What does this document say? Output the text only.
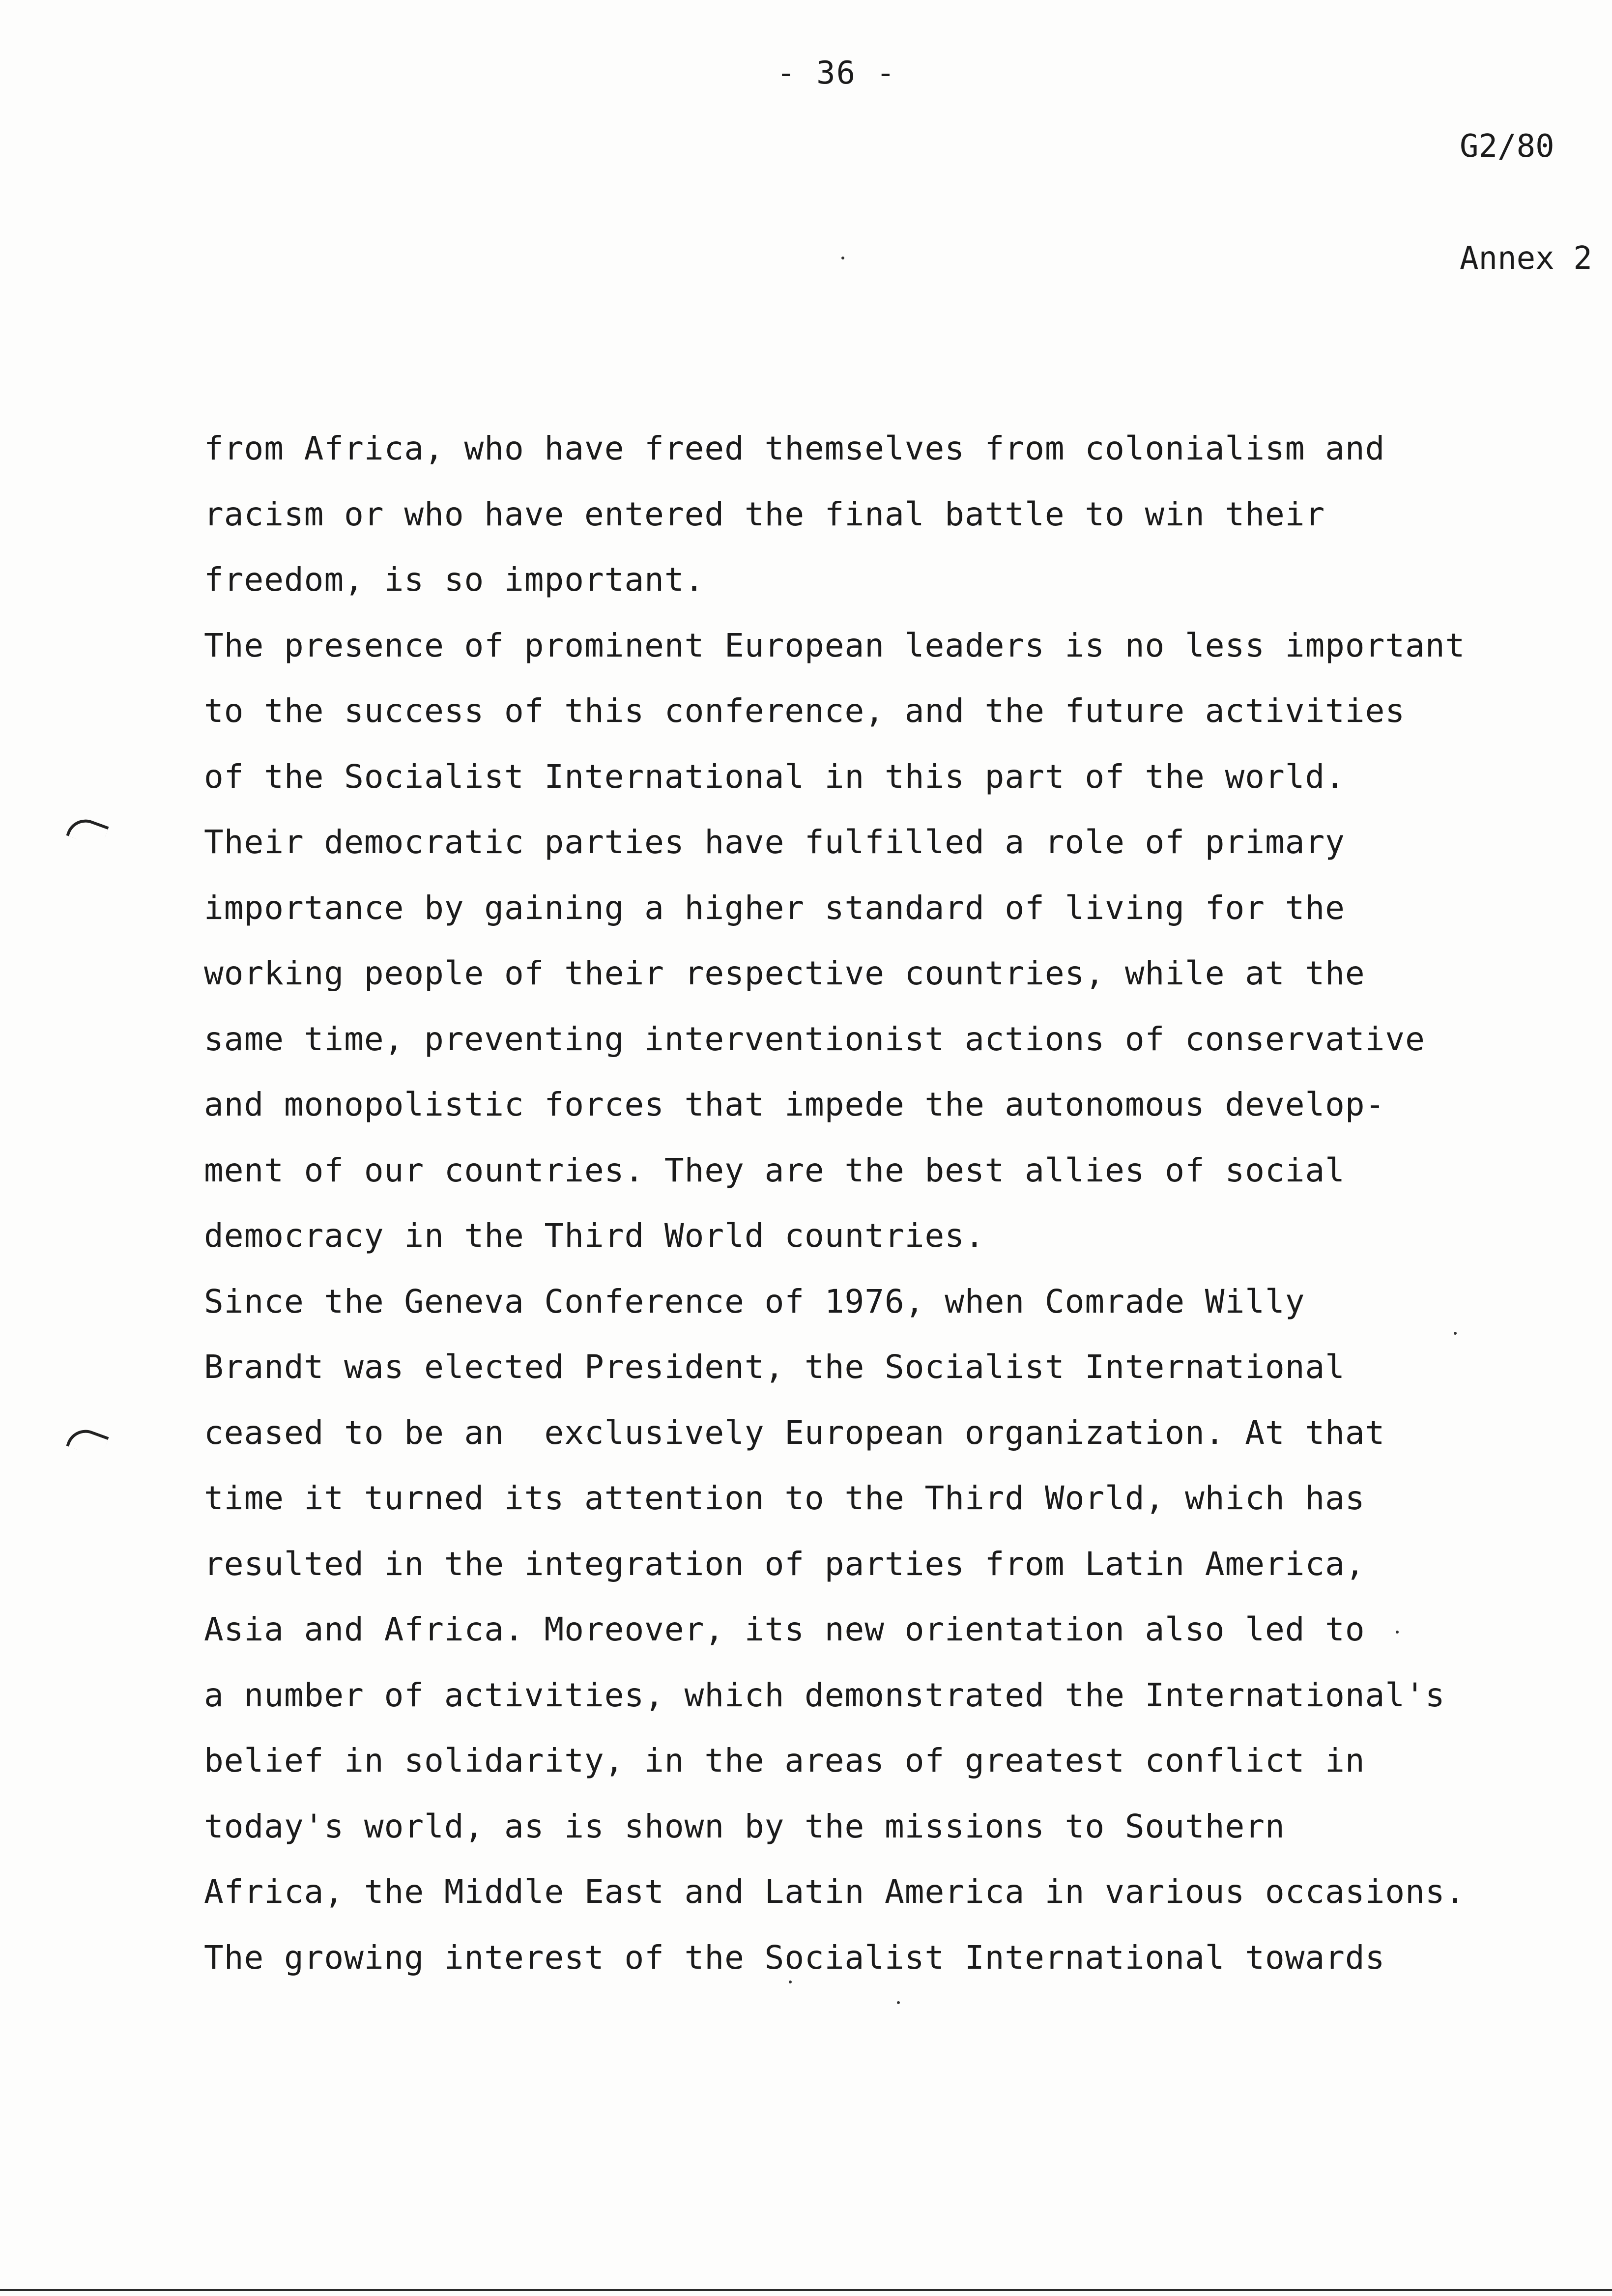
- 36 -

G2/80

Annex 2

from Africa, who have freed themselves from colonialism and
racism or who have entered the final battle to win their
freedom, is so important.
The presence of prominent European leaders is no less important
to the success of this conference, and the future activities
of the Socialist International in this part of the world.
Their democratic parties have fulfilled a role of primary
importance by gaining a higher standard of living for the
working people of their respective countries, while at the
same time, preventing interventionist actions of conservative
and monopolistic forces that impede the autonomous develop-
ment of our countries. They are the best allies of social
democracy in the Third World countries.
Since the Geneva Conference of 1976, when Comrade Willy
Brandt was elected President, the Socialist International
ceased to be an  exclusively European organization. At that
time it turned its attention to the Third World, which has
resulted in the integration of parties from Latin America,
Asia and Africa. Moreover, its new orientation also led to
a number of activities, which demonstrated the International's
belief in solidarity, in the areas of greatest conflict in
today's world, as is shown by the missions to Southern
Africa, the Middle East and Latin America in various occasions.
The growing interest of the Socialist International towards
